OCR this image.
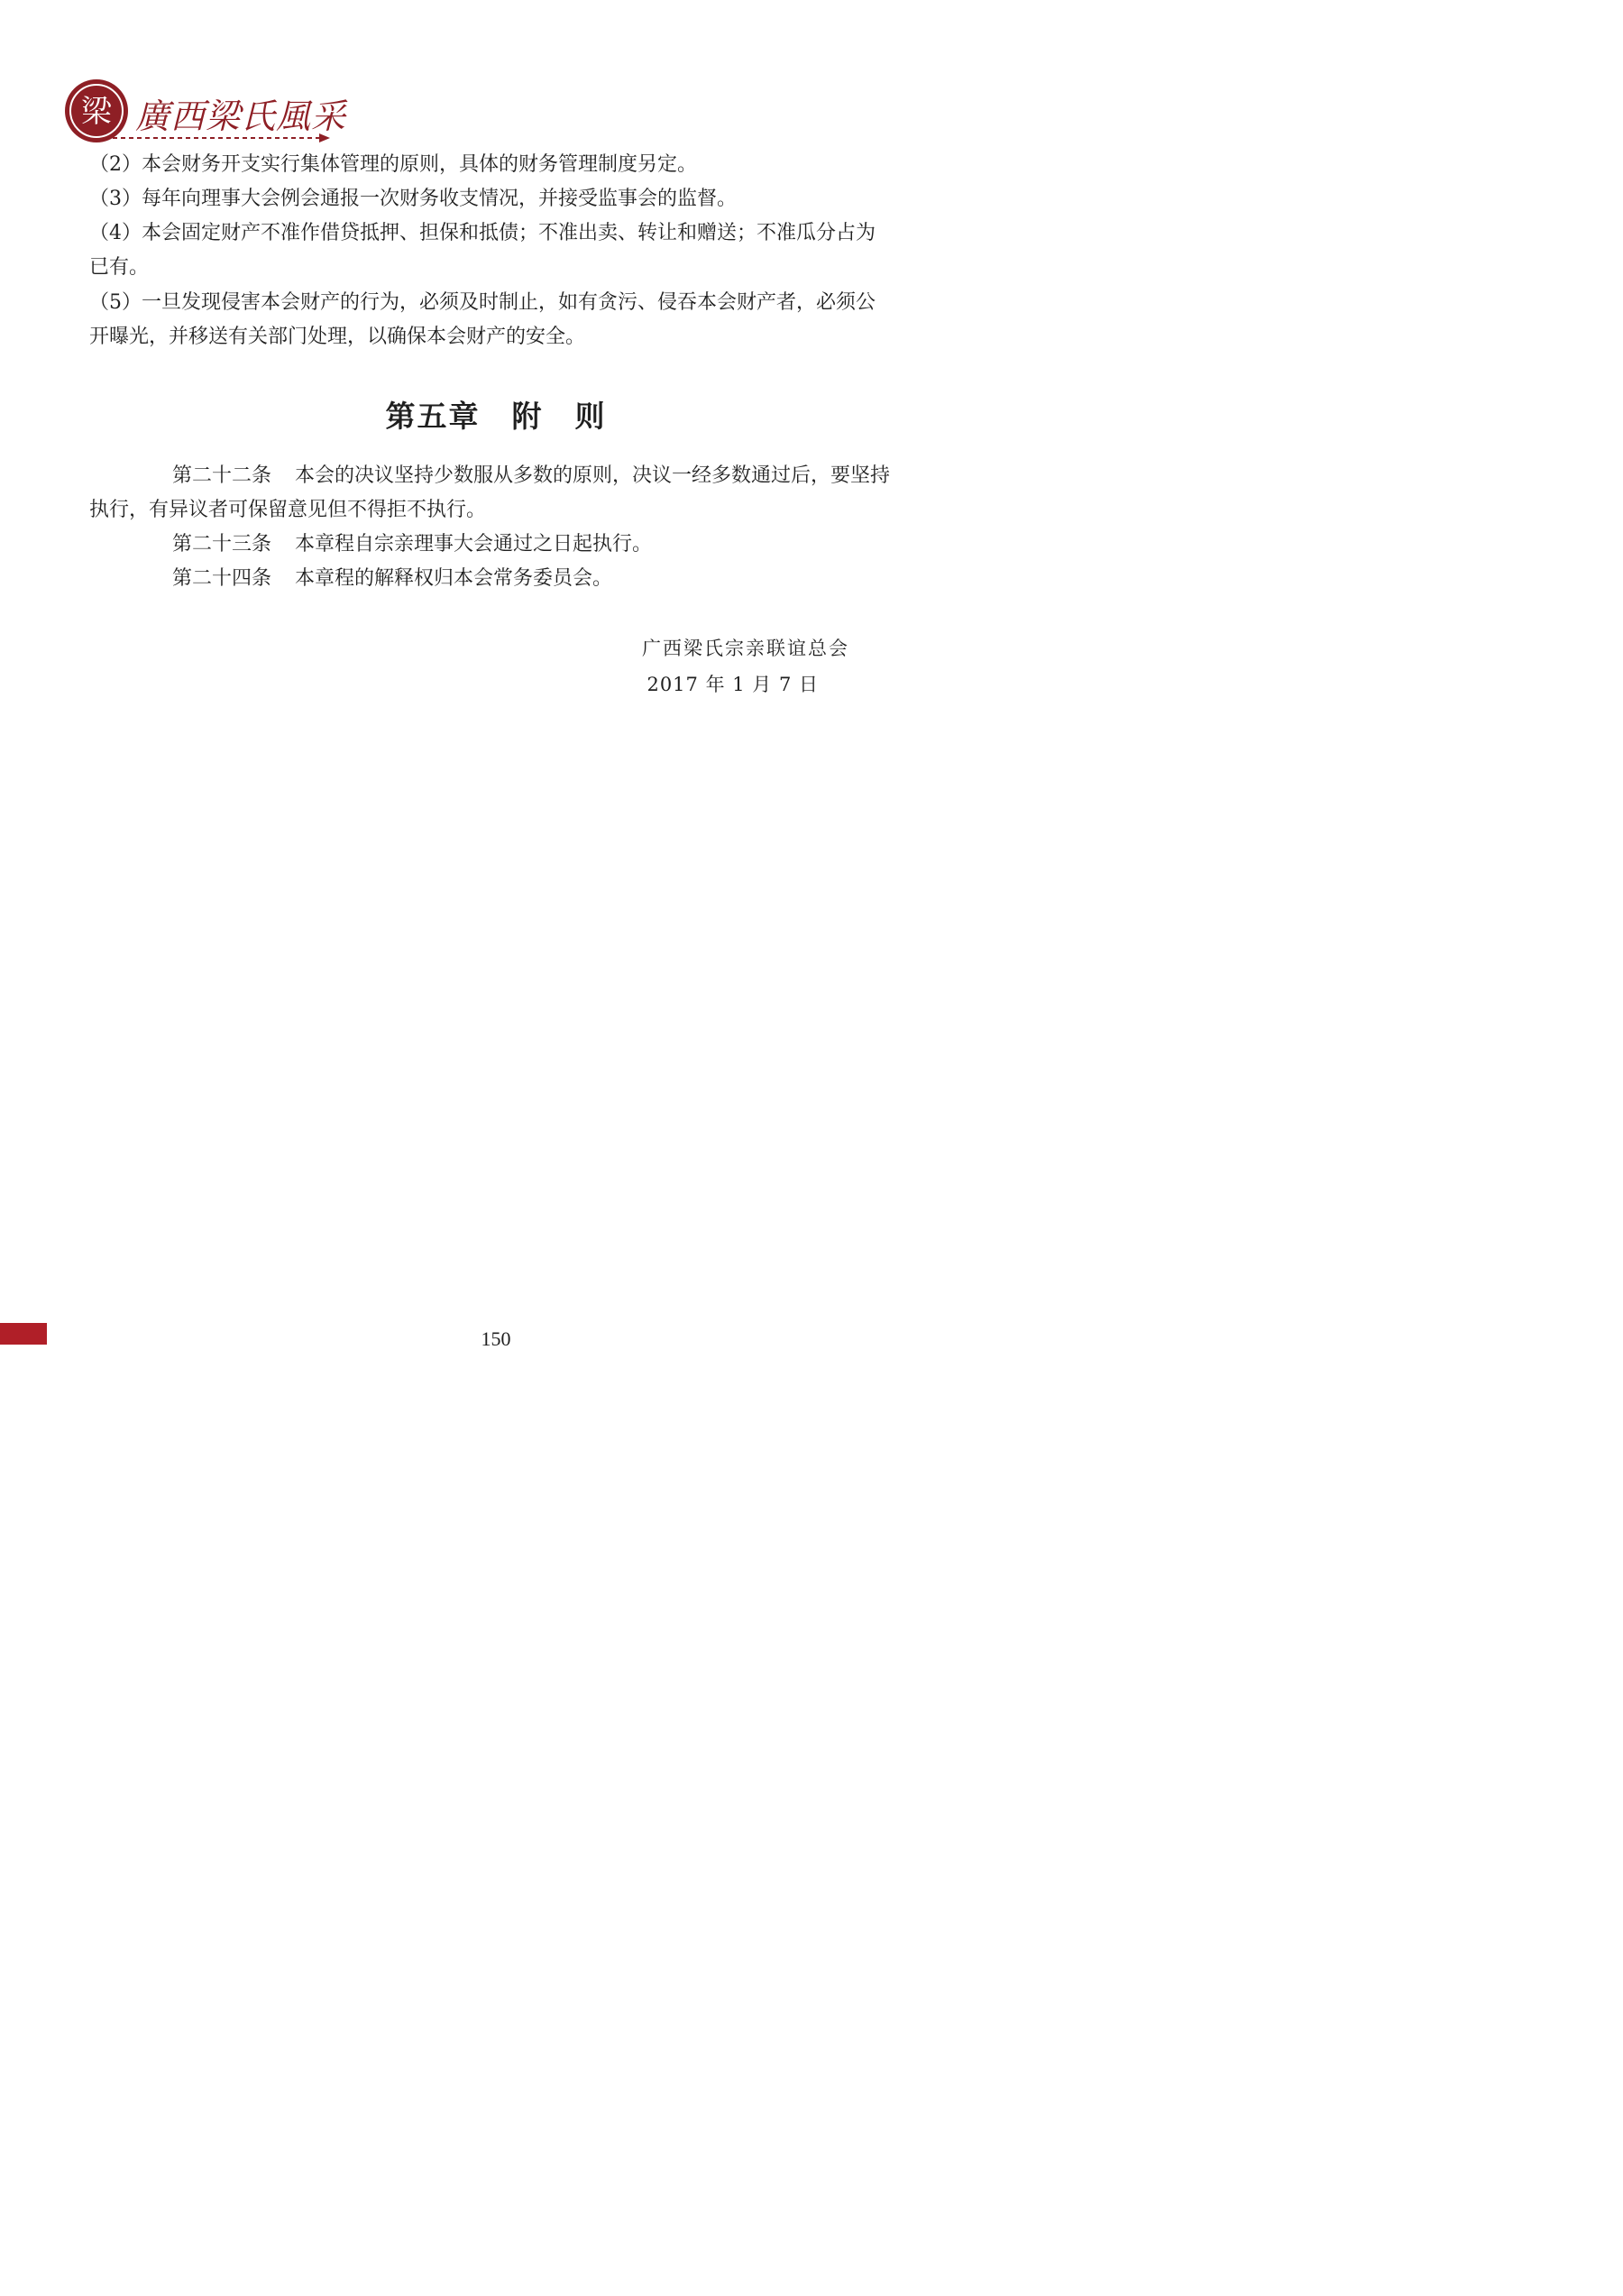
梁 廣西梁氏風采

（2）本会财务开支实行集体管理的原则，具体的财务管理制度另定。

（3）每年向理事大会例会通报一次财务收支情况，并接受监事会的监督。

（4）本会固定财产不准作借贷抵押、担保和抵债；不准出卖、转让和赠送；不准瓜分占为已有。

（5）一旦发现侵害本会财产的行为，必须及时制止，如有贪污、侵吞本会财产者，必须公开曝光，并移送有关部门处理，以确保本会财产的安全。

第五章　附　则

第二十二条 本会的决议坚持少数服从多数的原则，决议一经多数通过后，要坚持执行，有异议者可保留意见但不得拒不执行。

第二十三条 本章程自宗亲理事大会通过之日起执行。

第二十四条 本章程的解释权归本会常务委员会。

广西梁氏宗亲联谊总会
2017 年 1 月 7 日
150
